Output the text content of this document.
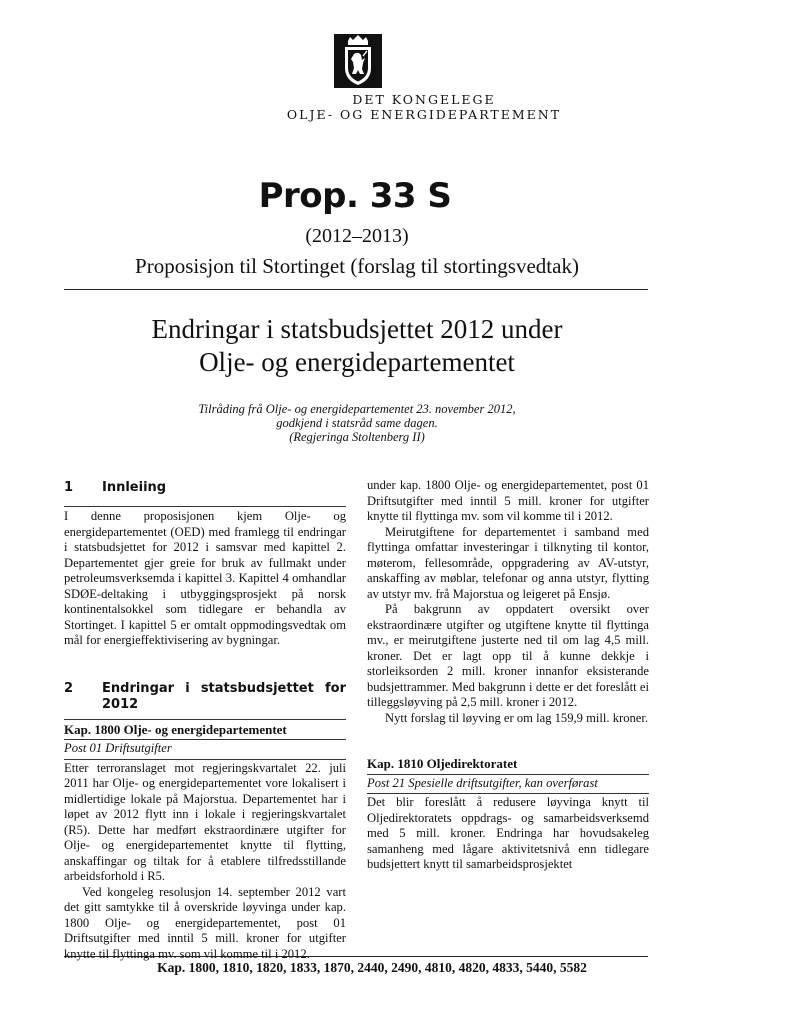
DET KONGELEGE
OLJE- OG ENERGIDEPARTEMENT
Prop. 33 S
(2012–2013)
Proposisjon til Stortinget (forslag til stortingsvedtak)
Endringar i statsbudsjettet 2012 under
Olje- og energidepartementet
Tilråding frå Olje- og energidepartementet 23. november 2012,
godkjend i statsråd same dagen.
(Regjeringa Stoltenberg II)
1	Innleiing

I denne proposisjonen kjem Olje- og energidepartementet (OED) med framlegg til endringar i statsbudsjettet for 2012 i samsvar med kapittel 2. Departementet gjer greie for bruk av fullmakt under petroleumsverksemda i kapittel 3. Kapittel 4 omhandlar SDØE-deltaking i utbyggingsprosjekt på norsk kontinentalsokkel som tidlegare er behandla av Stortinget. I kapittel 5 er omtalt oppmodingsvedtak om mål for energieffektivisering av bygningar.

2	Endringar i statsbudsjettet for 2012
Kap. 1800 Olje- og energidepartementet
Post 01 Driftsutgifter

Etter terroranslaget mot regjeringskvartalet 22. juli 2011 har Olje- og energidepartementet vore lokalisert i midlertidige lokale på Majorstua. Departementet har i løpet av 2012 flytt inn i lokale i regjeringskvartalet (R5). Dette har medført ekstraordinære utgifter for Olje- og energidepartementet knytte til flytting, anskaffingar og tiltak for å etablere tilfredsstillande arbeidsforhold i R5.

Ved kongeleg resolusjon 14. september 2012 vart det gitt samtykke til å overskride løyvinga under kap. 1800 Olje- og energidepartementet, post 01 Driftsutgifter med inntil 5 mill. kroner for utgifter knytte til flyttinga mv. som vil komme til i 2012.

under kap. 1800 Olje- og energidepartementet, post 01 Driftsutgifter med inntil 5 mill. kroner for utgifter knytte til flyttinga mv. som vil komme til i 2012.

Meirutgiftene for departementet i samband med flyttinga omfattar investeringar i tilknyting til kontor, møterom, fellesområde, oppgradering av AV-utstyr, anskaffing av møblar, telefonar og anna utstyr, flytting av utstyr mv. frå Majorstua og leigeret på Ensjø.

På bakgrunn av oppdatert oversikt over ekstraordinære utgifter og utgiftene knytte til flyttinga mv., er meirutgiftene justerte ned til om lag 4,5 mill. kroner. Det er lagt opp til å kunne dekkje i storleiksorden 2 mill. kroner innanfor eksisterande budsjettrammer. Med bakgrunn i dette er det foreslått ei tilleggsløyving på 2,5 mill. kroner i 2012.

Nytt forslag til løyving er om lag 159,9 mill. kroner.

Kap. 1810 Oljedirektoratet
Post 21 Spesielle driftsutgifter, kan overførast

Det blir foreslått å redusere løyvinga knytt til Oljedirektoratets oppdrags- og samarbeidsverksemd med 5 mill. kroner. Endringa har hovudsakeleg samanheng med lågare aktivitetsnivå enn tidlegare budsjettert knytt til samarbeidsprosjektet

Kap. 1800, 1810, 1820, 1833, 1870, 2440, 2490, 4810, 4820, 4833, 5440, 5582
